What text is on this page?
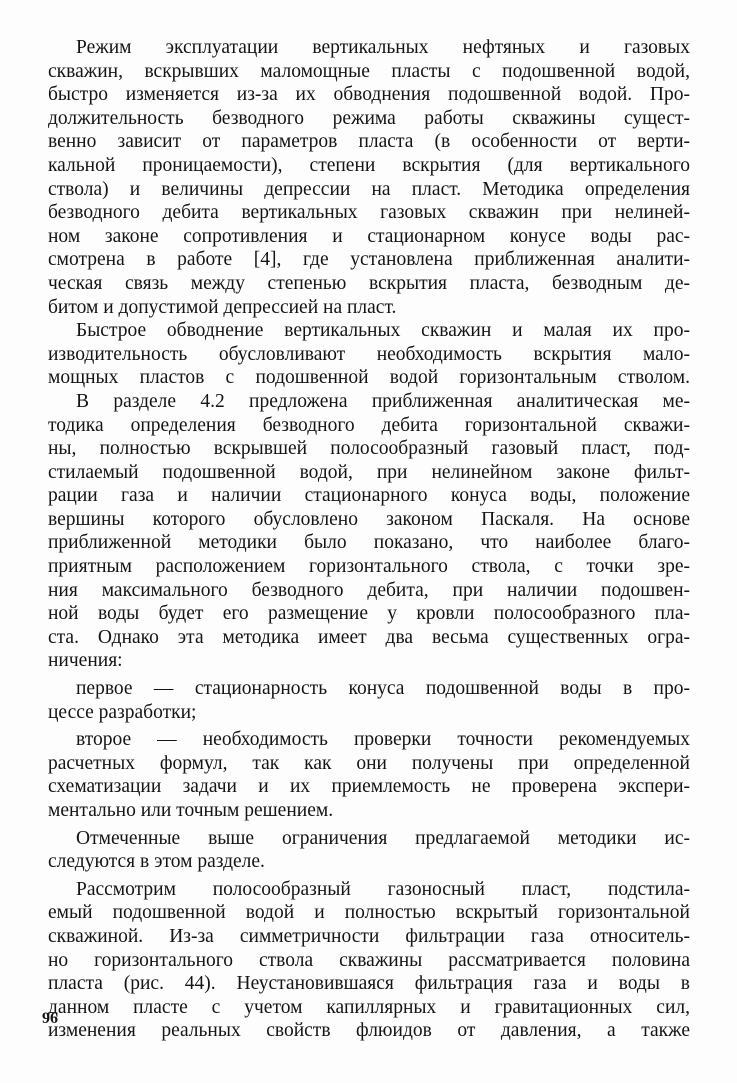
Режим эксплуатации вертикальных нефтяных и газовых
скважин, вскрывших маломощные пласты с подошвенной водой,
быстро изменяется из-за их обводнения подошвенной водой. Про-
должительность безводного режима работы скважины сущест-
венно зависит от параметров пласта (в особенности от верти-
кальной проницаемости), степени вскрытия (для вертикального
ствола) и величины депрессии на пласт. Методика определения
безводного дебита вертикальных газовых скважин при нелиней-
ном законе сопротивления и стационарном конусе воды рас-
смотрена в работе [4], где установлена приближенная аналити-
ческая связь между степенью вскрытия пласта, безводным де-
битом и допустимой депрессией на пласт.
Быстрое обводнение вертикальных скважин и малая их про-
изводительность обусловливают необходимость вскрытия мало-
мощных пластов с подошвенной водой горизонтальным стволом.
В разделе 4.2 предложена приближенная аналитическая ме-
тодика определения безводного дебита горизонтальной скважи-
ны, полностью вскрывшей полосообразный газовый пласт, под-
стилаемый подошвенной водой, при нелинейном законе фильт-
рации газа и наличии стационарного конуса воды, положение
вершины которого обусловлено законом Паскаля. На основе
приближенной методики было показано, что наиболее благо-
приятным расположением горизонтального ствола, с точки зре-
ния максимального безводного дебита, при наличии подошвен-
ной воды будет его размещение у кровли полосообразного пла-
ста. Однако эта методика имеет два весьма существенных огра-
ничения:
первое — стационарность конуса подошвенной воды в про-
цессе разработки;
второе — необходимость проверки точности рекомендуемых
расчетных формул, так как они получены при определенной
схематизации задачи и их приемлемость не проверена экспери-
ментально или точным решением.
Отмеченные выше ограничения предлагаемой методики ис-
следуются в этом разделе.
Рассмотрим полосообразный газоносный пласт, подстила-
емый подошвенной водой и полностью вскрытый горизонтальной
скважиной. Из-за симметричности фильтрации газа относитель-
но горизонтального ствола скважины рассматривается половина
пласта (рис. 44). Неустановившаяся фильтрация газа и воды в
данном пласте с учетом капиллярных и гравитационных сил,
изменения реальных свойств флюидов от давления, а также
96
